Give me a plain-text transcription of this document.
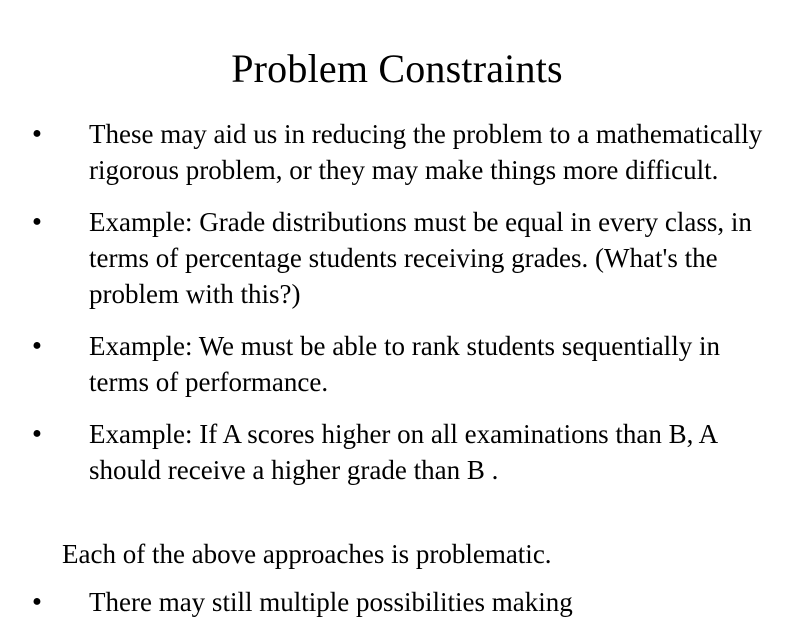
Problem Constraints
● These may aid us in reducing the problem to a mathematically rigorous problem, or they may make things more difficult.
● Example: Grade distributions must be equal in every class, in terms of percentage students receiving grades. (What's the problem with this?)
● Example: We must be able to rank students sequentially in terms of performance.
● Example: If A scores higher on all examinations than B, A should receive a higher grade than B .

Each of the above approaches is problematic.

● There may still multiple possibilities making
